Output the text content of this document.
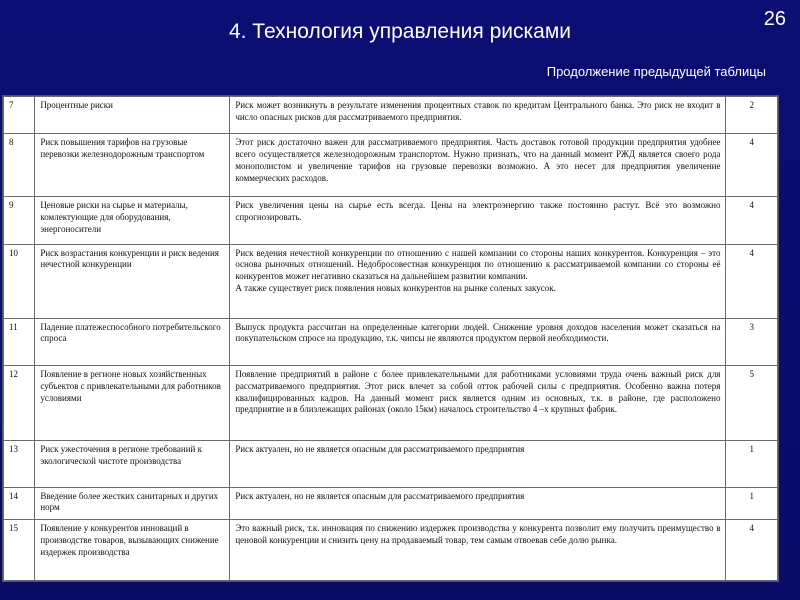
26
4. Технология управления рисками
Продолжение предыдущей таблицы
7	Процентные риски	Риск может возникнуть в результате изменения процентных ставок по кредитам Центрального банка. Это риск не входит в число опасных рисков для рассматриваемого предприятия.	2
8	Риск повышения тарифов на грузовые перевозки железнодорожным транспортом	Этот риск достаточно важен для рассматриваемого предприятия. Часть доставок готовой продукции предприятия удобнее всего осуществляется железнодорожным транспортом. Нужно признать, что на данный момент РЖД является своего рода монополистом и увеличение тарифов на грузовые перевозки возможно. А это несет для предприятия увеличение коммерческих расходов.	4
9	Ценовые риски на сырье и материалы, комлектующие для оборудования, энергоносители	Риск увеличения цены на сырье есть всегда. Цены на электроэнергию также постоянно растут. Всё это возможно спрогнозировать.	4
10	Риск возрастания конкуренции и риск ведения нечестной конкуренции	Риск ведения нечестной конкуренции по отношению с нашей компании со стороны наших конкурентов. Конкуренция – это основа рыночных отношений. Недобросовестная конкуренция по отношению к рассматриваемой компании со стороны её конкурентов может негативно сказаться на дальнейшем развитии компании.
А также существует риск появления новых конкурентов на рынке соленых закусок.	4
11	Падение платежеспособного потребительского спроса	Выпуск продукта рассчитан на определенные категории людей. Снижение уровня доходов населения может сказаться на покупательском спросе на продукцию, т.к. чипсы не являются продуктом первой необходимости.	3
12	Появление в регионе новых хозяйственных субъектов с привлекательными для работников условиями	Появление предприятий в районе с более привлекательными для работниками условиями труда очень важный риск для рассматриваемого предприятия. Этот риск влечет за собой отток рабочей силы с предприятия. Особенно важна потеря квалифицированных кадров. На данный момент риск является одним из основных, т.к. в районе, где расположено предприятие и в близлежащих районах (около 15км) началось строительство 4 –х крупных фабрик.	5
13	Риск ужесточения в регионе требований к экологической чистоте производства	Риск актуален, но не является опасным для рассматриваемого предприятия	1
14	Введение более жестких санитарных и других норм	Риск актуален, но не является опасным для рассматриваемого предприятия	1
15	Появление у конкурентов инноваций в производстве товаров, вызывающих снижение издержек производства	Это важный риск, т.к. инновация по снижению издержек производства у конкурента позволит ему получить преимущество в ценовой конкуренции и снизить цену на продаваемый товар, тем самым отвоевав себе долю рынка.	4
